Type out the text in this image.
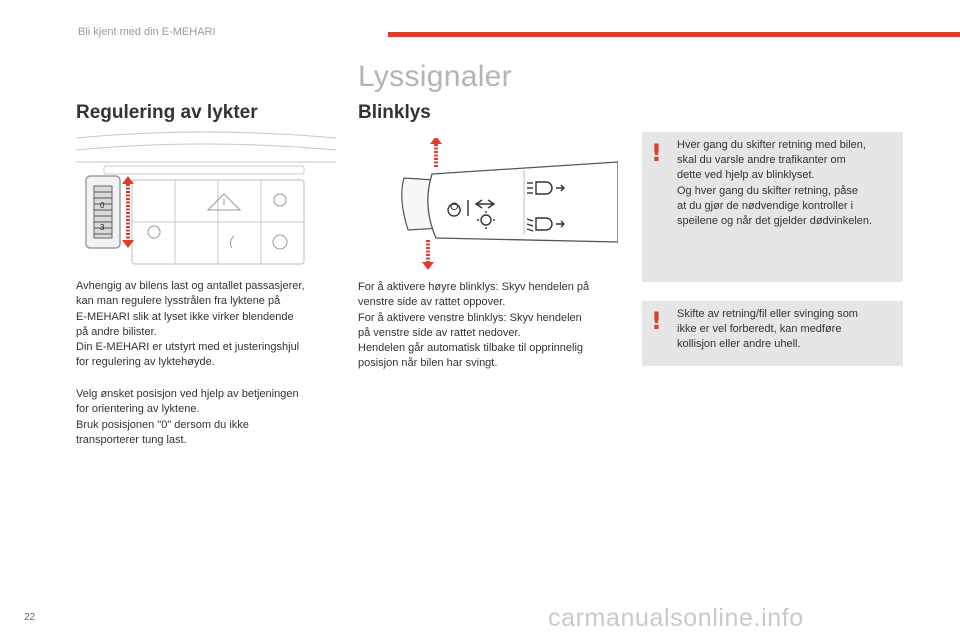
Bli kjent med din E-MEHARI
Lyssignaler
Regulering av lykter	Blinklys
0
3
O
Avhengig av bilens last og antallet passasjerer,
kan man regulere lysstrålen fra lyktene på
E-MEHARI slik at lyset ikke virker blendende
på andre bilister.
Din E-MEHARI er utstyrt med et justeringshjul
for regulering av lyktehøyde.
Velg ønsket posisjon ved hjelp av betjeningen
for orientering av lyktene.
Bruk posisjonen "0" dersom du ikke
transporterer tung last.
For å aktivere høyre blinklys: Skyv hendelen på
venstre side av rattet oppover.
For å aktivere venstre blinklys: Skyv hendelen
på venstre side av rattet nedover.
Hendelen går automatisk tilbake til opprinnelig
posisjon når bilen har svingt.
! Hver gang du skifter retning med bilen,
skal du varsle andre trafikanter om
dette ved hjelp av blinklyset.
Og hver gang du skifter retning, påse
at du gjør de nødvendige kontroller i
speilene og når det gjelder dødvinkelen.
! Skifte av retning/fil eller svinging som
ikke er vel forberedt, kan medføre
kollisjon eller andre uhell.
22	carmanualsonline.info
